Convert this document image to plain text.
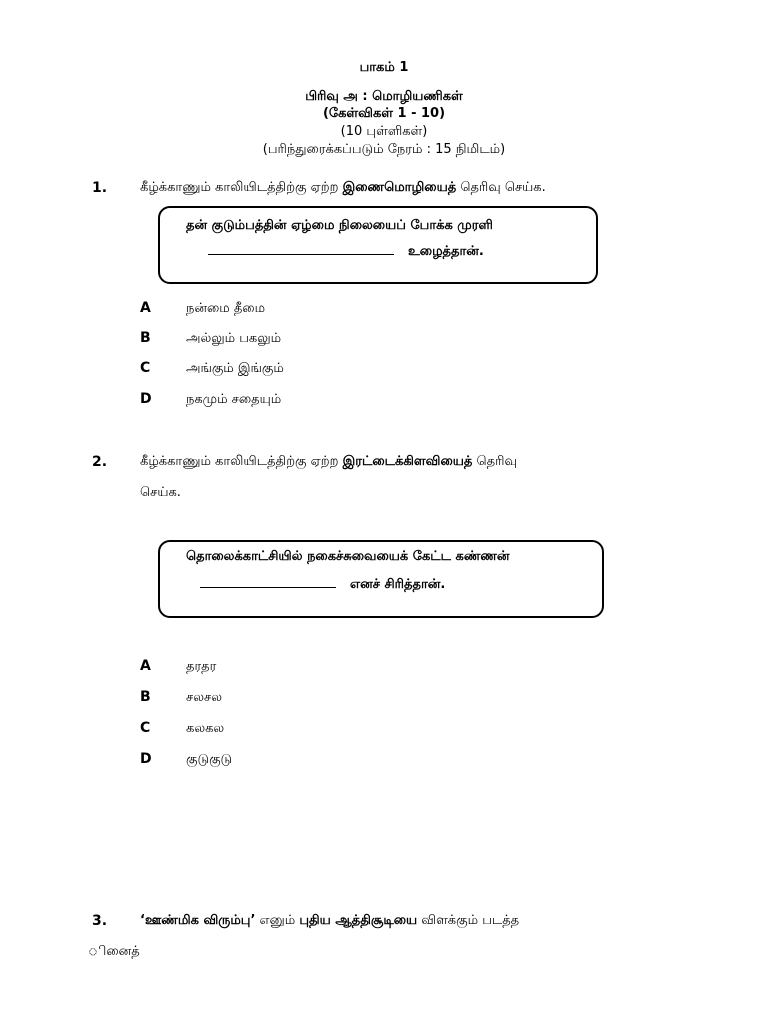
பாகம் 1
பிரிவு அ : மொழியணிகள்
(கேள்விகள் 1 - 10)
(10 புள்ளிகள்)
(பரிந்துரைக்கப்படும் நேரம் : 15 நிமிடம்)
1.	கீழ்க்காணும் காலியிடத்திற்கு ஏற்ற இணைமொழியைத் தெரிவு செய்க.
தன் குடும்பத்தின் ஏழ்மை நிலையைப் போக்க முரளி
உழைத்தான்.
A	நன்மை தீமை
B	அல்லும் பகலும்
C	அங்கும் இங்கும்
D	நகமும் சதையும்
2.	கீழ்க்காணும் காலியிடத்திற்கு ஏற்ற இரட்டைக்கிளவியைத் தெரிவு
செய்க.
தொலைக்காட்சியில் நகைச்சுவையைக் கேட்ட கண்ணன்
எனச் சிரித்தான்.
A	தரதர
B	சலசல
C	கலகல
D	குடுகுடு
3.	‘ஊண்மிக விரும்பு’ எனும் புதிய ஆத்திசூடியை விளக்கும் படத்த
ினைத்
